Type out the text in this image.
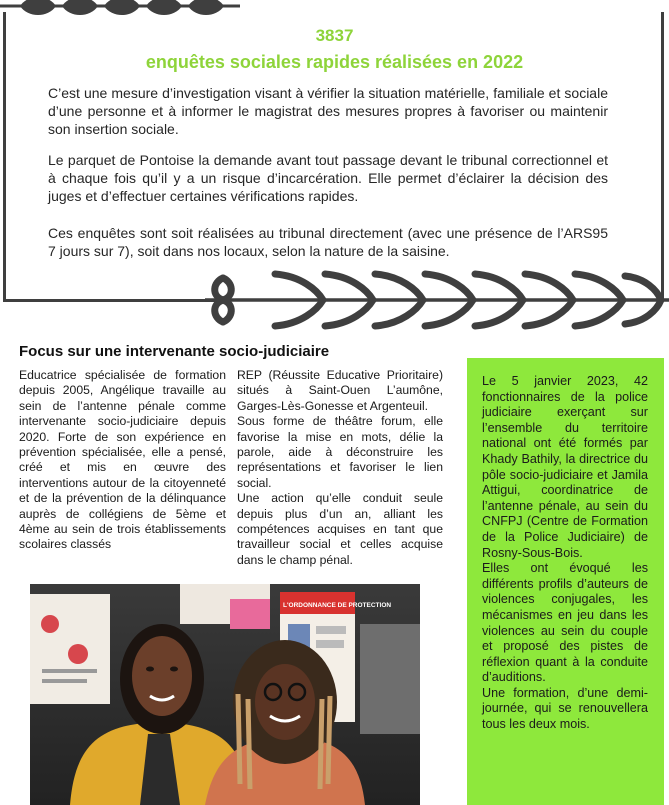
3837
enquêtes sociales rapides réalisées en 2022
C’est une mesure d’investigation visant à vérifier la situation matérielle, familiale et sociale d’une personne et à informer le magistrat des mesures propres à favoriser ou maintenir son insertion sociale.
Le parquet de Pontoise la demande avant tout passage devant le tribunal correctionnel et à chaque fois qu’il y a un risque d’incarcération. Elle permet d’éclairer la décision des juges et d’effectuer certaines vérifications rapides.
Ces enquêtes sont soit réalisées au tribunal directement (avec une présence de l’ARS95 7 jours sur 7), soit dans nos locaux, selon la nature de la saisine.
Focus sur une intervenante socio-judiciaire
Educatrice spécialisée de formation depuis 2005, Angélique travaille au sein de l’antenne pénale comme intervenante socio-judiciaire depuis 2020. Forte de son expérience en prévention spécialisée, elle a pensé, créé et mis en œuvre des interventions autour de la citoyenneté et de la prévention de la délinquance auprès de collégiens de 5ème et 4ème au sein de trois établissements scolaires classés

REP (Réussite Educative Prioritaire) situés à Saint-Ouen L’aumône, Garges-Lès-Gonesse et Argenteuil.

Sous forme de théâtre forum, elle favorise la mise en mots, délie la parole, aide à déconstruire les représentations et favoriser le lien social.

Une action qu’elle conduit seule depuis plus d’un an, alliant les compétences acquises en tant que travailleur social et celles acquise dans le champ pénal.

L'ORDONNANCE DE PROTECTION

Le 5 janvier 2023, 42 fonctionnaires de la police judiciaire exerçant sur l’ensemble du territoire national ont été formés par Khady Bathily, la directrice du pôle socio-judiciaire et Jamila Attigui, coordinatrice de l’antenne pénale, au sein du CNFPJ (Centre de Formation de la Police Judiciaire) de Rosny-Sous-Bois.

Elles ont évoqué les différents profils d’auteurs de violences conjugales, les mécanismes en jeu dans les violences au sein du couple et proposé des pistes de réflexion quant à la conduite d’auditions.

Une formation, d’une demi-journée, qui se renouvellera tous les deux mois.
